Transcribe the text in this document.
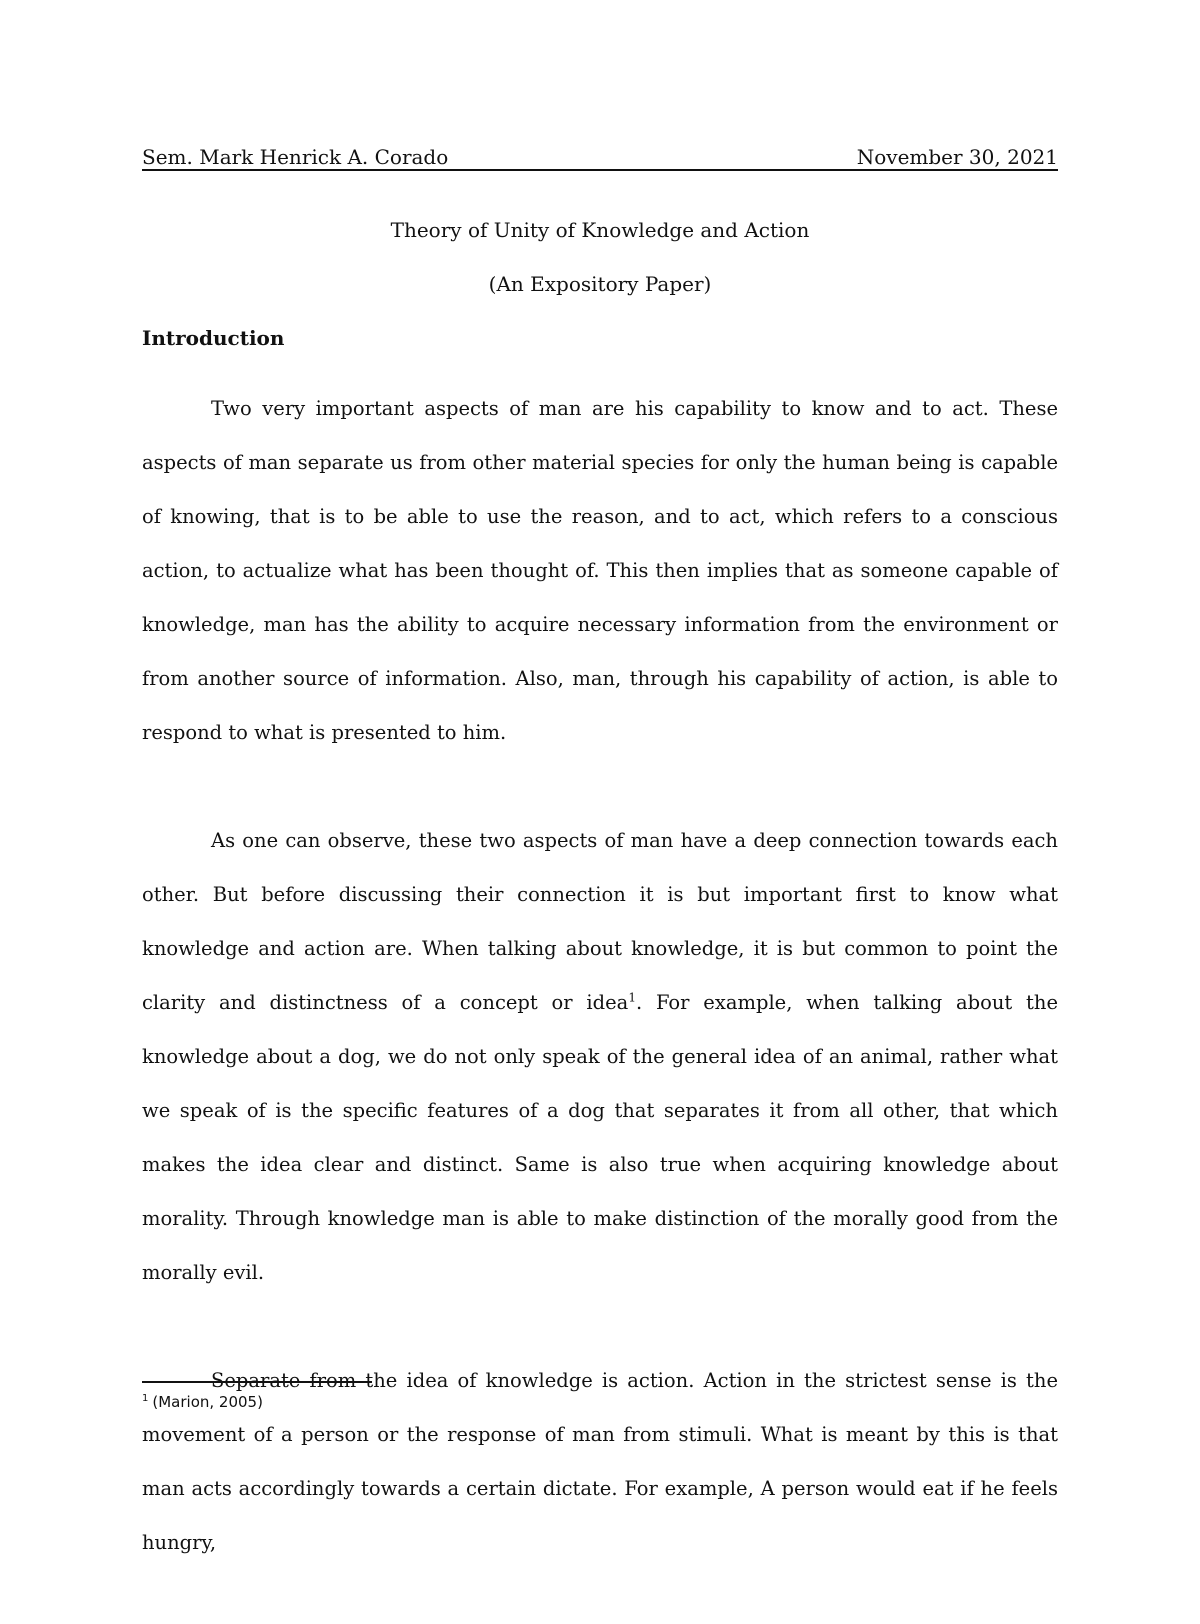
Sem. Mark Henrick A. Corado	November 30, 2021
Theory of Unity of Knowledge and Action
(An Expository Paper)
Introduction

Two very important aspects of man are his capability to know and to act. These aspects of man separate us from other material species for only the human being is capable of knowing, that is to be able to use the reason, and to act, which refers to a conscious action, to actualize what has been thought of. This then implies that as someone capable of knowledge, man has the ability to acquire necessary information from the environment or from another source of information. Also, man, through his capability of action, is able to respond to what is presented to him.

As one can observe, these two aspects of man have a deep connection towards each other. But before discussing their connection it is but important first to know what knowledge and action are. When talking about knowledge, it is but common to point the clarity and distinctness of a concept or idea$^1$. For example, when talking about the knowledge about a dog, we do not only speak of the general idea of an animal, rather what we speak of is the specific features of a dog that separates it from all other, that which makes the idea clear and distinct. Same is also true when acquiring knowledge about morality. Through knowledge man is able to make distinction of the morally good from the morally evil.

Separate from the idea of knowledge is action. Action in the strictest sense is the movement of a person or the response of man from stimuli. What is meant by this is that man acts accordingly towards a certain dictate. For example, A person would eat if he feels hungry,

$^1$ (Marion, 2005)
